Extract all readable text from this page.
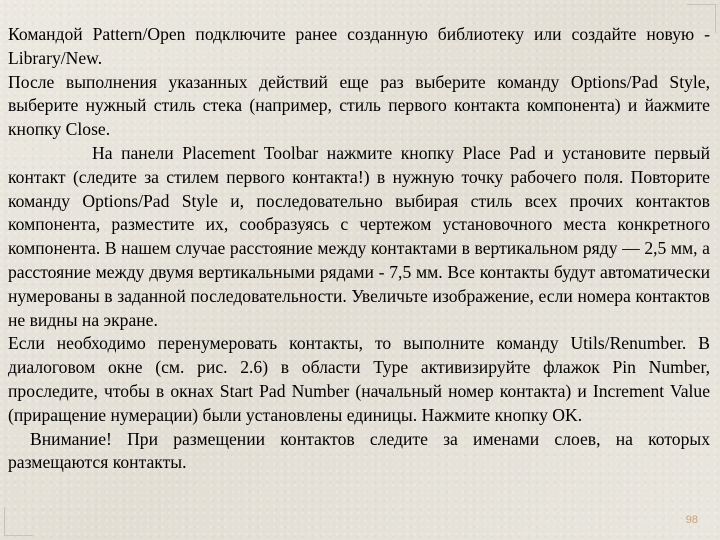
Командой Pattern/Open подключите ранее созданную библиотеку или создайте новую - Library/New.

После выполнения указанных действий еще раз выберите команду Options/Pad Style, выберите нужный стиль стека (например, стиль первого контакта компонента) и йажмите кнопку Close.

На панели Placement Toolbar нажмите кнопку Place Pad и установите первый контакт (следите за стилем первого контакта!) в нужную точку рабочего поля. Повторите команду Options/Pad Style и, последовательно выбирая стиль всех прочих контактов компонента, разместите их, сообразуясь с чертежом установочного места конкретного компонента. В нашем случае расстояние между контактами в вертикальном ряду — 2,5 мм, а расстояние между двумя вертикальными рядами - 7,5 мм. Все контакты будут автоматически нумерованы в заданной последовательности. Увеличьте изображение, если номера контактов не видны на экране.

Если необходимо перенумеровать контакты, то выполните команду Utils/Renumber. В диалоговом окне (см. рис. 2.6) в области Type активизируйте флажок Pin Number, проследите, чтобы в окнах Start Pad Number (начальный номер контакта) и Increment Value (приращение нумерации) были установлены единицы. Нажмите кнопку OK.

Внимание! При размещении контактов следите за именами слоев, на которых размещаются контакты.

98
